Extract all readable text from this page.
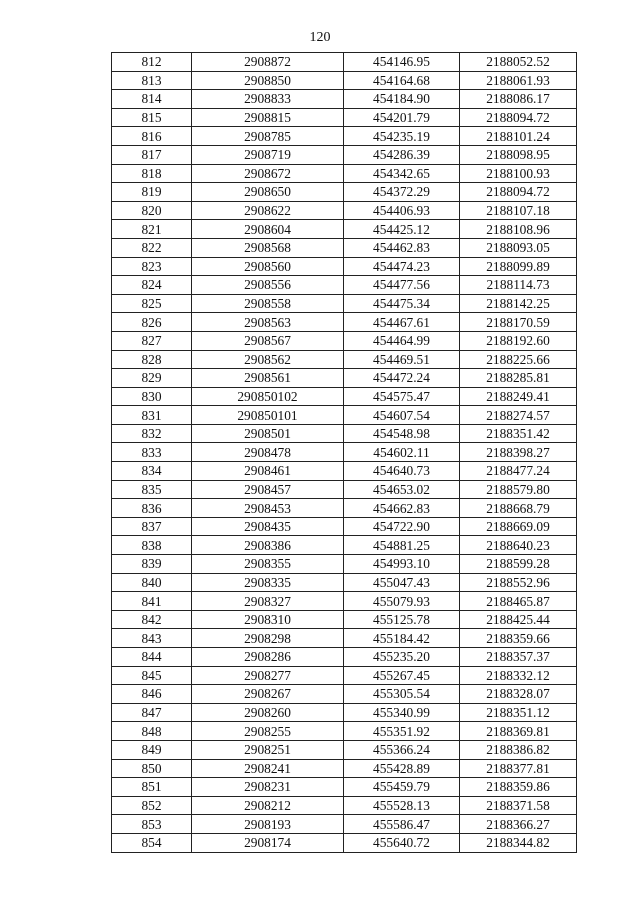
120
812	2908872	454146.95	2188052.52
813	2908850	454164.68	2188061.93
814	2908833	454184.90	2188086.17
815	2908815	454201.79	2188094.72
816	2908785	454235.19	2188101.24
817	2908719	454286.39	2188098.95
818	2908672	454342.65	2188100.93
819	2908650	454372.29	2188094.72
820	2908622	454406.93	2188107.18
821	2908604	454425.12	2188108.96
822	2908568	454462.83	2188093.05
823	2908560	454474.23	2188099.89
824	2908556	454477.56	2188114.73
825	2908558	454475.34	2188142.25
826	2908563	454467.61	2188170.59
827	2908567	454464.99	2188192.60
828	2908562	454469.51	2188225.66
829	2908561	454472.24	2188285.81
830	290850102	454575.47	2188249.41
831	290850101	454607.54	2188274.57
832	2908501	454548.98	2188351.42
833	2908478	454602.11	2188398.27
834	2908461	454640.73	2188477.24
835	2908457	454653.02	2188579.80
836	2908453	454662.83	2188668.79
837	2908435	454722.90	2188669.09
838	2908386	454881.25	2188640.23
839	2908355	454993.10	2188599.28
840	2908335	455047.43	2188552.96
841	2908327	455079.93	2188465.87
842	2908310	455125.78	2188425.44
843	2908298	455184.42	2188359.66
844	2908286	455235.20	2188357.37
845	2908277	455267.45	2188332.12
846	2908267	455305.54	2188328.07
847	2908260	455340.99	2188351.12
848	2908255	455351.92	2188369.81
849	2908251	455366.24	2188386.82
850	2908241	455428.89	2188377.81
851	2908231	455459.79	2188359.86
852	2908212	455528.13	2188371.58
853	2908193	455586.47	2188366.27
854	2908174	455640.72	2188344.82
